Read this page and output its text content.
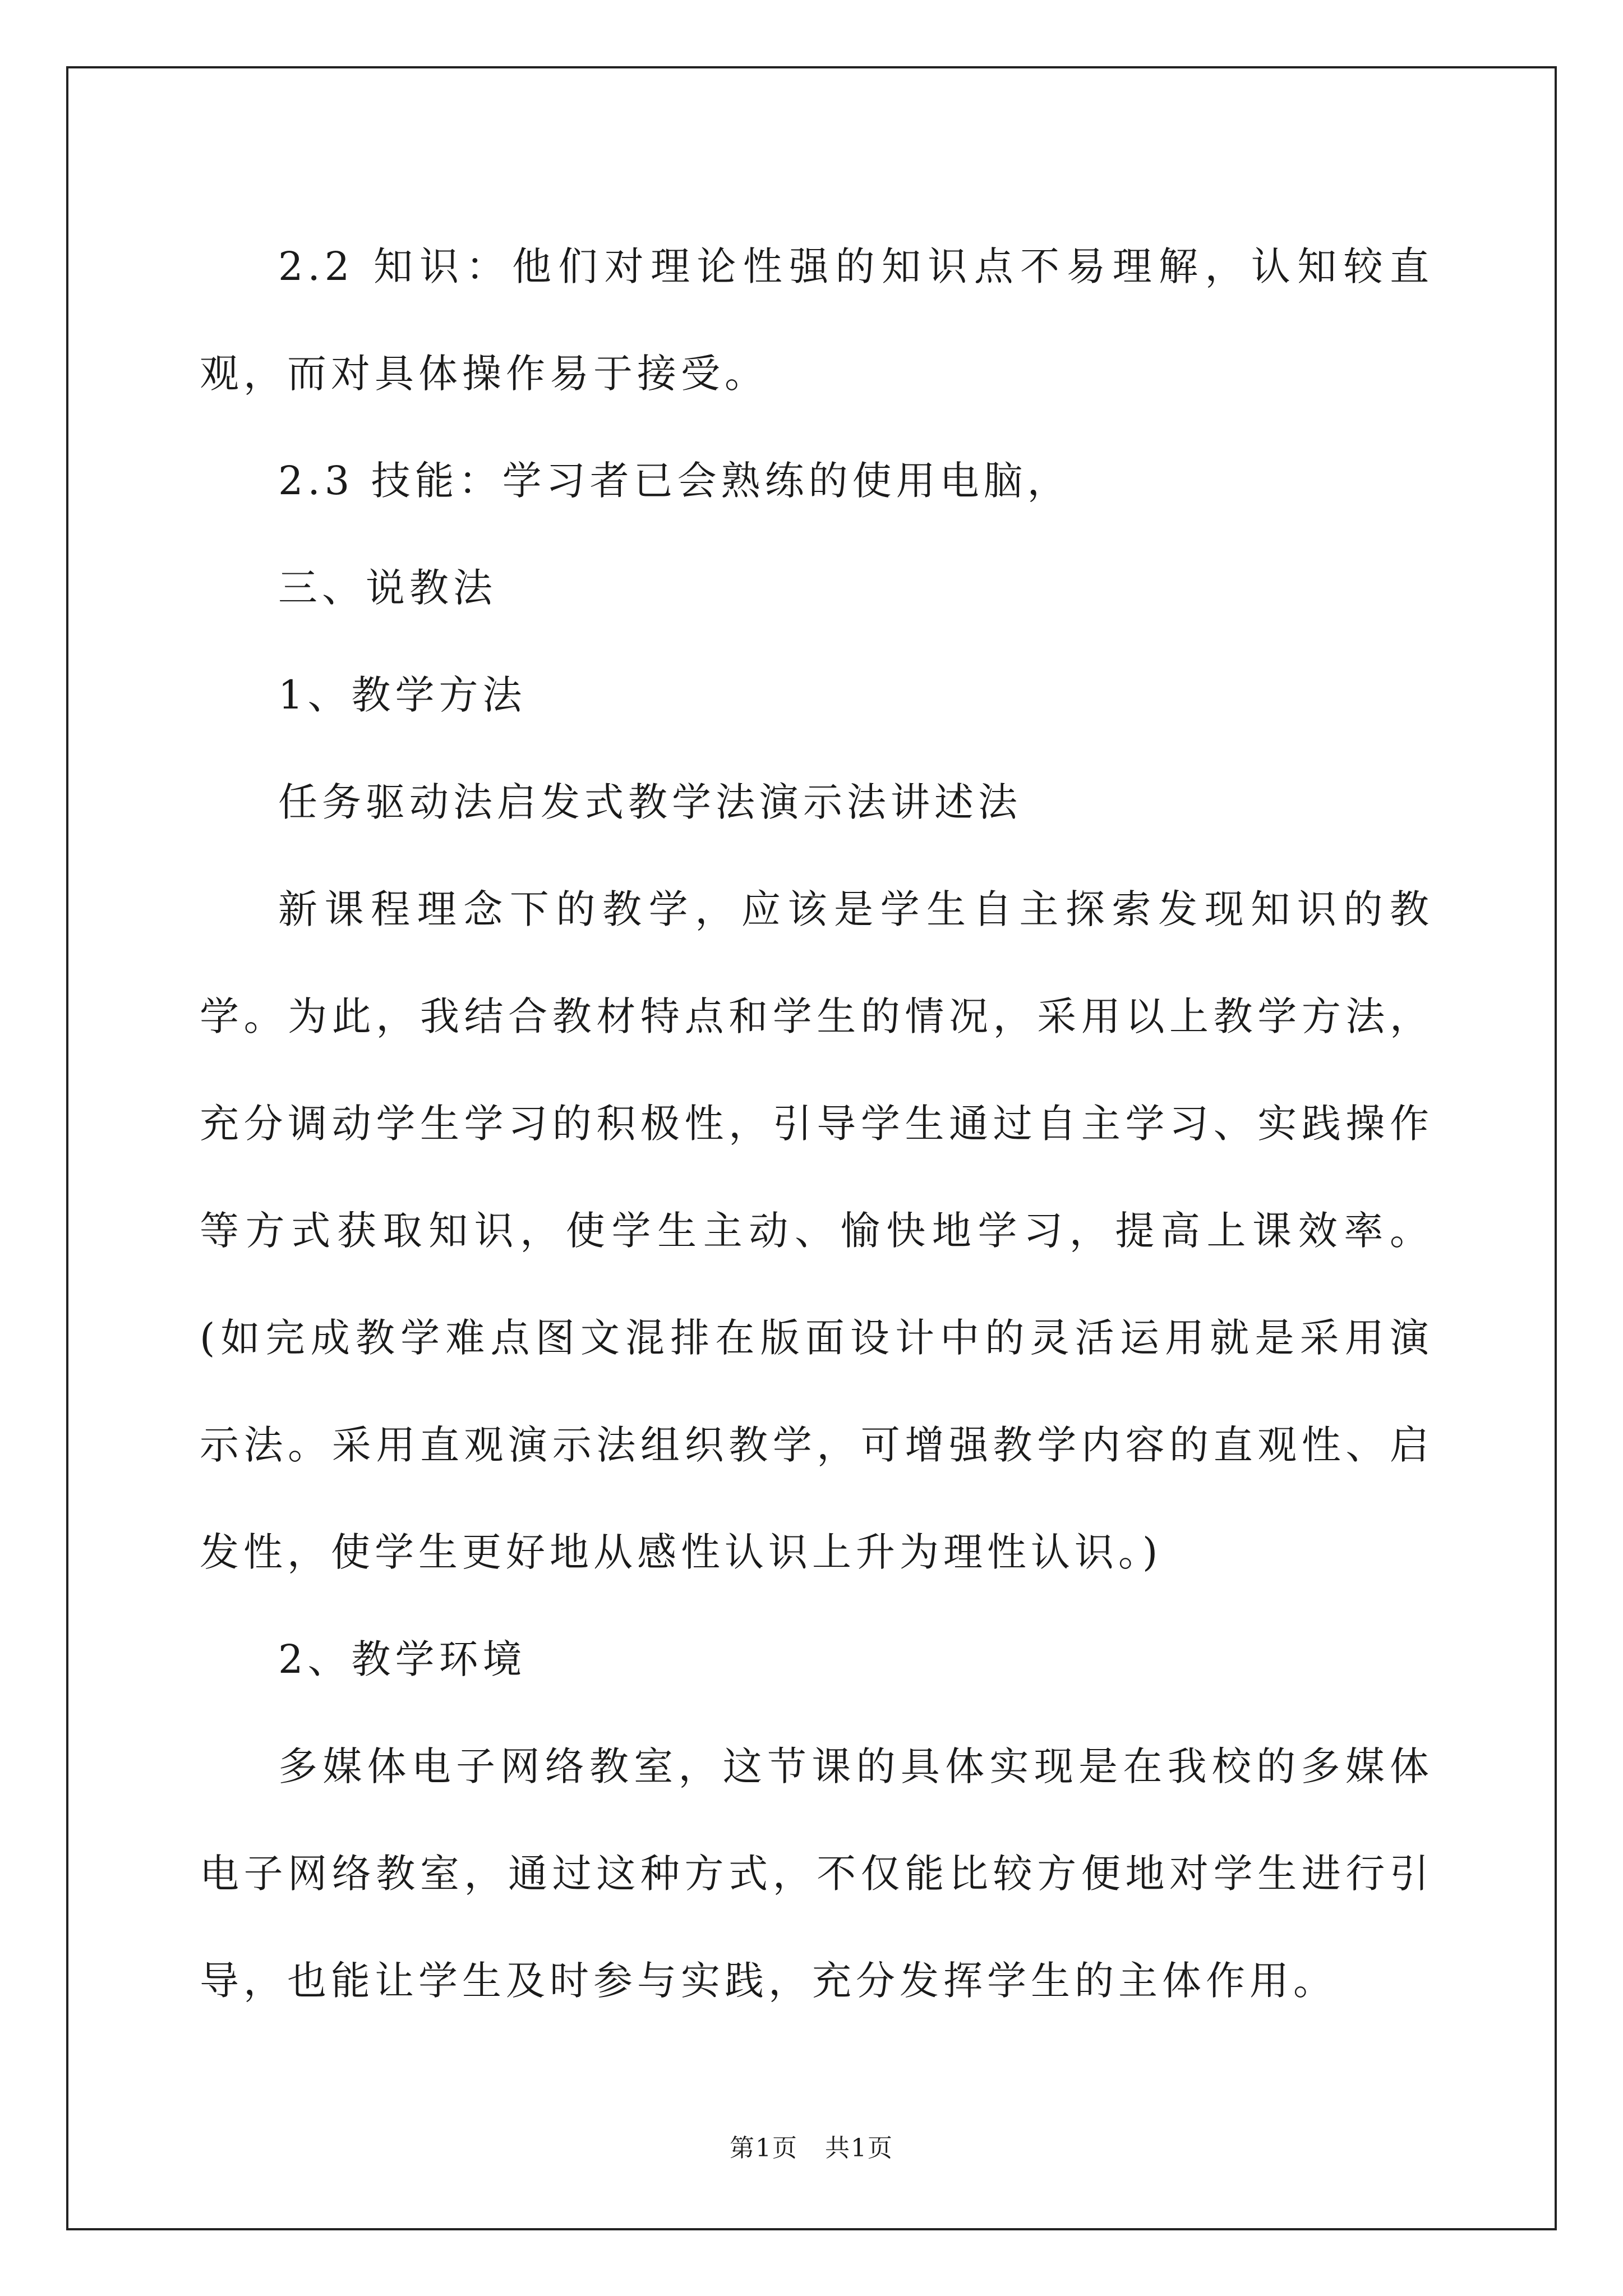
2.2 知识：他们对理论性强的知识点不易理解，认知较直观，而对具体操作易于接受。

2.3 技能：学习者已会熟练的使用电脑，

三、说教法

1、教学方法

任务驱动法启发式教学法演示法讲述法

新课程理念下的教学，应该是学生自主探索发现知识的教学。为此，我结合教材特点和学生的情况，采用以上教学方法，充分调动学生学习的积极性，引导学生通过自主学习、实践操作等方式获取知识，使学生主动、愉快地学习，提高上课效率。(如完成教学难点图文混排在版面设计中的灵活运用就是采用演示法。采用直观演示法组织教学，可增强教学内容的直观性、启发性，使学生更好地从感性认识上升为理性认识。)

2、教学环境

多媒体电子网络教室，这节课的具体实现是在我校的多媒体电子网络教室，通过这种方式，不仅能比较方便地对学生进行引导，也能让学生及时参与实践，充分发挥学生的主体作用。

第1页 共1页
